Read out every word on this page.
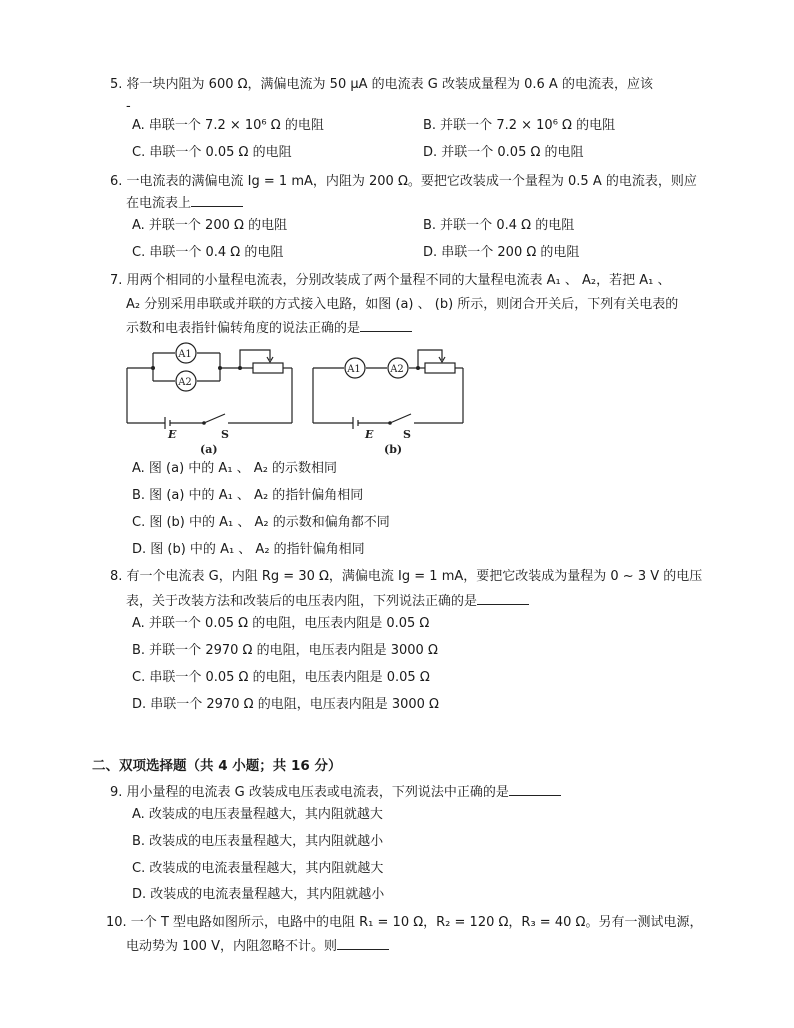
5. 将一块内阻为 600 Ω，满偏电流为 50 μA 的电流表 G 改装成量程为 0.6 A 的电流表，应该
-
A. 串联一个 7.2 × 10⁶ Ω 的电阻	B. 并联一个 7.2 × 10⁶ Ω 的电阻
C. 串联一个 0.05 Ω 的电阻	D. 并联一个 0.05 Ω 的电阻
6. 一电流表的满偏电流 Ig = 1 mA，内阻为 200 Ω。要把它改装成一个量程为 0.5 A 的电流表，则应
在电流表上
A. 并联一个 200 Ω 的电阻	B. 并联一个 0.4 Ω 的电阻
C. 串联一个 0.4 Ω 的电阻	D. 串联一个 200 Ω 的电阻
7. 用两个相同的小量程电流表，分别改装成了两个量程不同的大量程电流表 A₁ 、 A₂，若把 A₁ 、
A₂ 分别采用串联或并联的方式接入电路，如图 (a) 、 (b) 所示，则闭合开关后，下列有关电表的
示数和电表指针偏转角度的说法正确的是
A1
A2
A1	A2
E	E
S	S
(a)	(b)
A. 图 (a) 中的 A₁ 、 A₂ 的示数相同
B. 图 (a) 中的 A₁ 、 A₂ 的指针偏角相同
C. 图 (b) 中的 A₁ 、 A₂ 的示数和偏角都不同
D. 图 (b) 中的 A₁ 、 A₂ 的指针偏角相同
8. 有一个电流表 G，内阻 Rg = 30 Ω，满偏电流 Ig = 1 mA，要把它改装成为量程为 0 ~ 3 V 的电压
表，关于改装方法和改装后的电压表内阻，下列说法正确的是
A. 并联一个 0.05 Ω 的电阻，电压表内阻是 0.05 Ω
B. 并联一个 2970 Ω 的电阻，电压表内阻是 3000 Ω
C. 串联一个 0.05 Ω 的电阻，电压表内阻是 0.05 Ω
D. 串联一个 2970 Ω 的电阻，电压表内阻是 3000 Ω
二、双项选择题（共 4 小题；共 16 分）
9. 用小量程的电流表 G 改装成电压表或电流表，下列说法中正确的是
A. 改装成的电压表量程越大，其内阻就越大
B. 改装成的电压表量程越大，其内阻就越小
C. 改装成的电流表量程越大，其内阻就越大
D. 改装成的电流表量程越大，其内阻就越小
10. 一个 T 型电路如图所示，电路中的电阻 R₁ = 10 Ω，R₂ = 120 Ω，R₃ = 40 Ω。另有一测试电源，
电动势为 100 V，内阻忽略不计。则
